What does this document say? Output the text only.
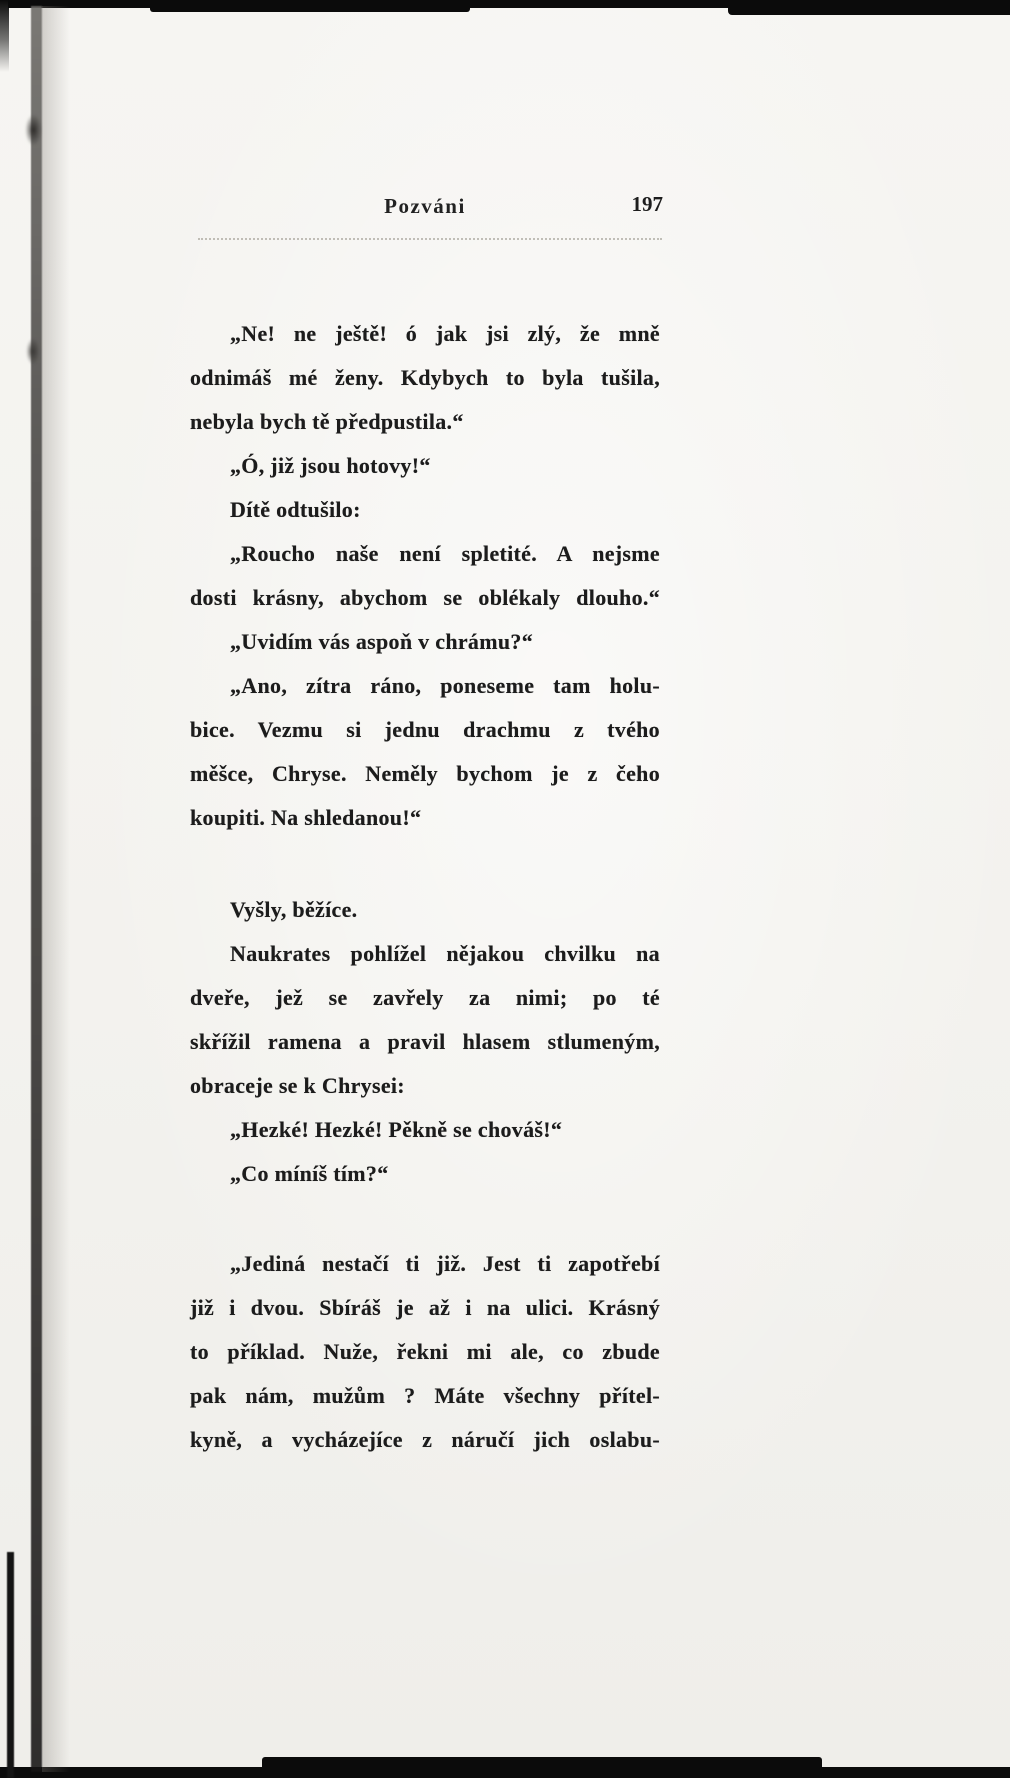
Pozváni	197
„Ne! ne ještě! ó jak jsi zlý, že mně
odnimáš mé ženy. Kdybych to byla tušila,
nebyla bych tě předpustila.“
„Ó, již jsou hotovy!“
Dítě odtušilo:
„Roucho naše není spletité. A nejsme
dosti krásny, abychom se oblékaly dlouho.“
„Uvidím vás aspoň v chrámu?“
„Ano, zítra ráno, poneseme tam holu-
bice. Vezmu si jednu drachmu z tvého
měšce, Chryse. Neměly bychom je z čeho
koupiti. Na shledanou!“
Vyšly, běžíce.
Naukrates pohlížel nějakou chvilku na
dveře, jež se zavřely za nimi; po té
skřížil ramena a pravil hlasem stlumeným,
obraceje se k Chrysei:
„Hezké! Hezké! Pěkně se chováš!“
„Co míníš tím?“
„Jediná nestačí ti již. Jest ti zapotřebí
již i dvou. Sbíráš je až i na ulici. Krásný
to příklad. Nuže, řekni mi ale, co zbude
pak nám, mužům ? Máte všechny přítel-
kyně, a vycházejíce z náručí jich oslabu-
